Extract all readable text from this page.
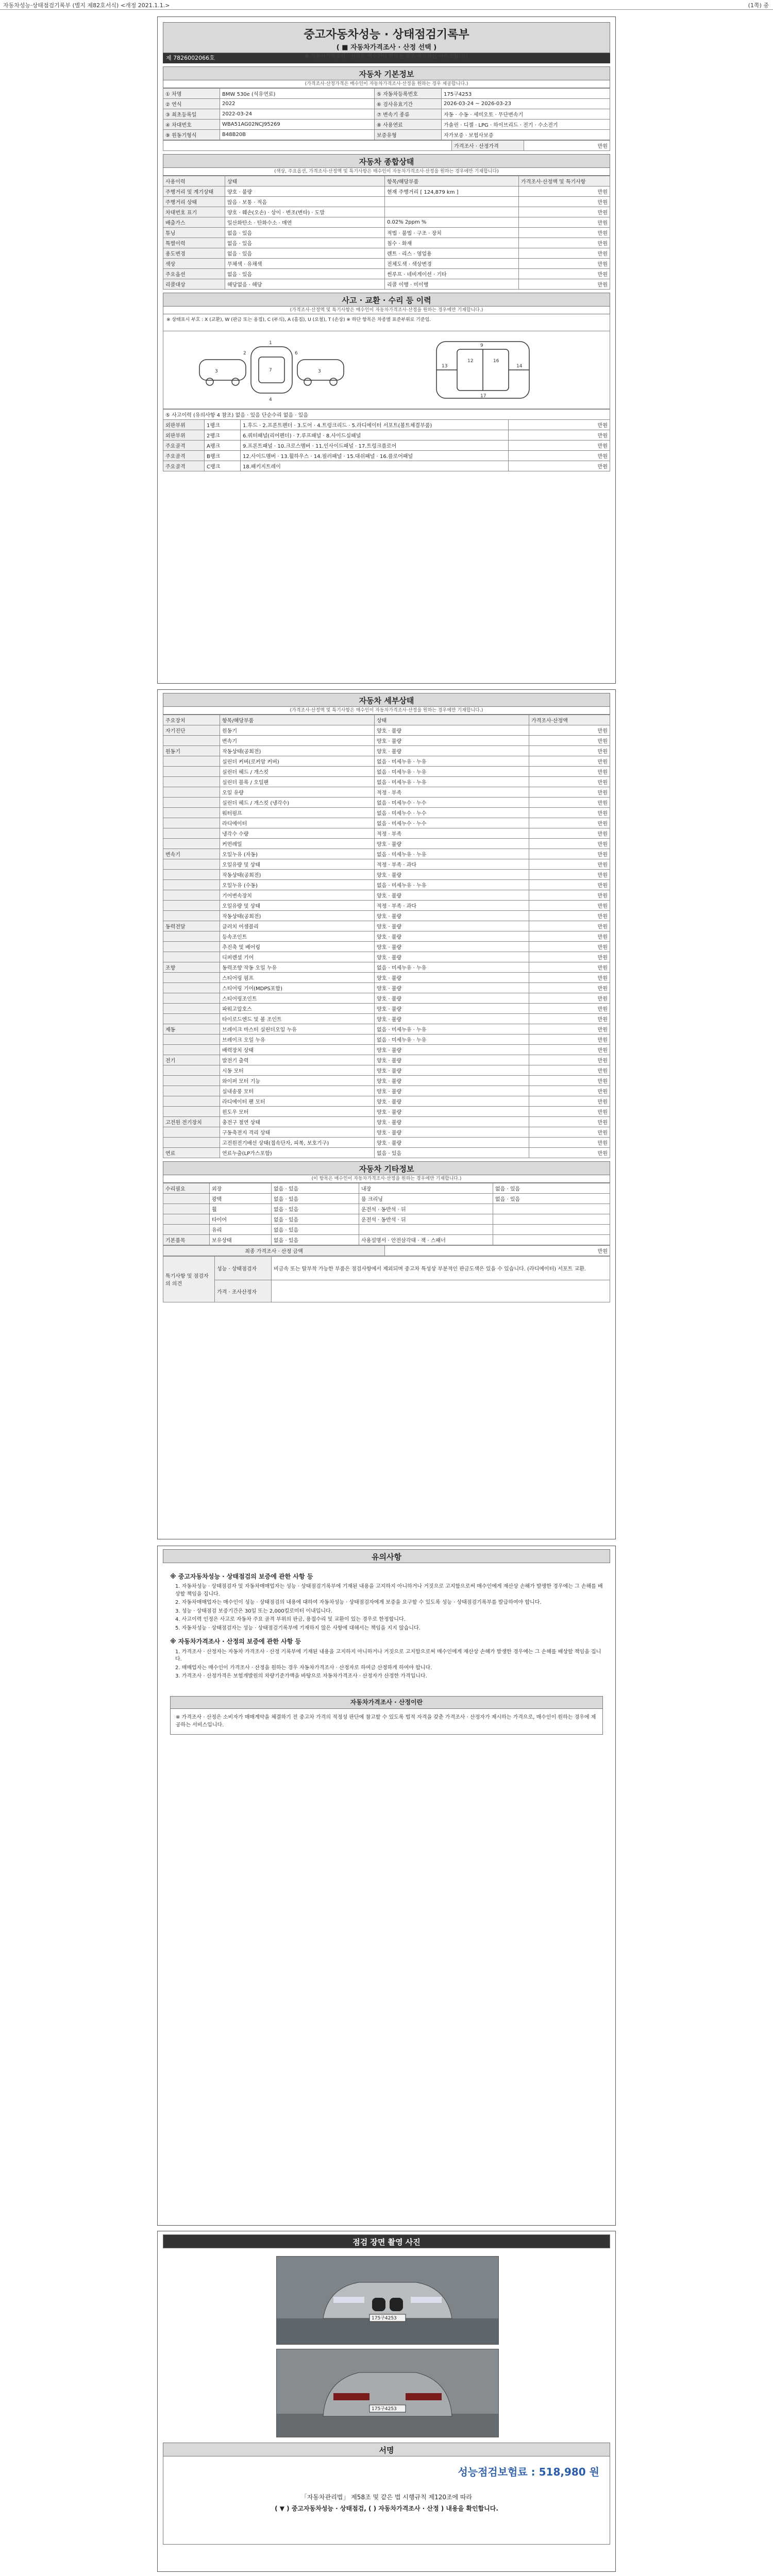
자동차성능·상태점검기록부 (별지 제82호서식) <개정 2021.1.1.>	(1쪽) 중
중고자동차성능 · 상태점검기록부
( ■ 자동차가격조사 · 산정 선택 )
※ 자동차가격조사 · 산정은 매수인이 원하는 경우 제공하는 서비스입니다
제 7826002066호
자동차 기본정보
(가격조사·산정가격은 매수인이 자동차가격조사·산정을 원하는 경우 제공합니다.)
① 차명	BMW 530e (석유연료)	⑤ 자동차등록번호	175구4253
② 연식	2022	⑥ 검사유효기간	2026-03-24 ~ 2026-03-23
③ 최초등록일	2022-03-24	⑦ 변속기 종류	자동 · 수동 · 세미오토 · 무단변속기
④ 차대번호	WBA51AG02NCJ95269	⑧ 사용연료	가솔린 · 디젤 · LPG · 하이브리드 · 전기 · 수소전기
⑨ 원동기형식	B48B20B	보증유형	자가보증 · 보험사보증
	가격조사 · 산정가격	만원
자동차 종합상태
(색상, 주요옵션, 가격조사·산정액 및 특기사항은 매수인이 자동차가격조사·산정을 원하는 경우에만 기재합니다)
사용이력	상태	항목/해당부품	가격조사·산정액 및 특기사항
주행거리 및 계기상태	양호 · 불량	현재 주행거리 [ 124,879 km ]	만원
주행거리 상태	많음 · 보통 · 적음		만원
차대번호 표기	양호 · 훼손(오손) · 상이 · 변조(변타) · 도말		만원
배출가스	일산화탄소 · 탄화수소 · 매연	0.02% 2ppm %	만원
튜닝	없음 · 있음	적법 · 불법 · 구조 · 장치	만원
특별이력	없음 · 있음	침수 · 화재	만원
용도변경	없음 · 있음	렌트 · 리스 · 영업용	만원
색상	무채색 · 유채색	전체도색 · 색상변경	만원
주요옵션	없음 · 있음	썬루프 · 네비게이션 · 기타	만원
리콜대상	해당없음 · 해당	리콜 이행 · 미이행	만원
사고 · 교환 · 수리 등 이력
(가격조사·산정액 및 특기사항은 매수인이 자동차가격조사·산정을 원하는 경우에만 기재합니다.)
※ 상태표시 부호 : X (교환), W (판금 또는 용접), C (부식), A (흠집), U (요철), T (손상) ※ 하단 항목은 차종별 표준부위로 기준임.
1
4
3	3
7
2	6
9
12	16
13	14
17
⑤ 사고이력 (유의사항 4 참조) 없음 · 있음 단순수리 없음 · 있음			
외판부위	1랭크	1.후드 · 2.프론트펜더 · 3.도어 · 4.트렁크리드 · 5.라디에이터 서포트(볼트체결부품)	만원
외판부위	2랭크	6.쿼터패널(리어펜더) · 7.루프패널 · 8.사이드실패널	만원
주요골격	A랭크	9.프론트패널 · 10.크로스멤버 · 11.인사이드패널 · 17.트렁크플로어	만원
주요골격	B랭크	12.사이드멤버 · 13.휠하우스 · 14.필러패널 · 15.대쉬패널 · 16.플로어패널	만원
주요골격	C랭크	18.패키지트레이	만원
자동차 세부상태
(가격조사·산정액 및 특기사항은 매수인이 자동차가격조사·산정을 원하는 경우에만 기재합니다.)
주요장치	항목/해당부품	상태	가격조사·산정액
자기진단	원동기	양호 · 불량	만원
	변속기	양호 · 불량	만원
원동기	작동상태(공회전)	양호 · 불량	만원
	실린더 커버(로커암 커버)	없음 · 미세누유 · 누유	만원
	실린더 헤드 / 개스킷	없음 · 미세누유 · 누유	만원
	실린더 블록 / 오일팬	없음 · 미세누유 · 누유	만원
	오일 유량	적정 · 부족	만원
	실린더 헤드 / 개스킷 (냉각수)	없음 · 미세누수 · 누수	만원
	워터펌프	없음 · 미세누수 · 누수	만원
	라디에이터	없음 · 미세누수 · 누수	만원
	냉각수 수량	적정 · 부족	만원
	커먼레일	양호 · 불량	만원
변속기	오일누유 (자동)	없음 · 미세누유 · 누유	만원
	오일유량 및 상태	적정 · 부족 · 과다	만원
	작동상태(공회전)	양호 · 불량	만원
	오일누유 (수동)	없음 · 미세누유 · 누유	만원
	기어변속장치	양호 · 불량	만원
	오일유량 및 상태	적정 · 부족 · 과다	만원
	작동상태(공회전)	양호 · 불량	만원
동력전달	클러치 어셈블리	양호 · 불량	만원
	등속조인트	양호 · 불량	만원
	추진축 및 베어링	양호 · 불량	만원
	디퍼렌셜 기어	양호 · 불량	만원
조향	동력조향 작동 오일 누유	없음 · 미세누유 · 누유	만원
	스티어링 펌프	양호 · 불량	만원
	스티어링 기어(MDPS포함)	양호 · 불량	만원
	스티어링조인트	양호 · 불량	만원
	파워고압호스	양호 · 불량	만원
	타이로드엔드 및 볼 조인트	양호 · 불량	만원
제동	브레이크 마스터 실린더오일 누유	없음 · 미세누유 · 누유	만원
	브레이크 오일 누유	없음 · 미세누유 · 누유	만원
	배력장치 상태	양호 · 불량	만원
전기	발전기 출력	양호 · 불량	만원
	시동 모터	양호 · 불량	만원
	와이퍼 모터 기능	양호 · 불량	만원
	실내송풍 모터	양호 · 불량	만원
	라디에이터 팬 모터	양호 · 불량	만원
	윈도우 모터	양호 · 불량	만원
고전원 전기장치	충전구 절연 상태	양호 · 불량	만원
	구동축전지 격리 상태	양호 · 불량	만원
	고전원전기배선 상태(접속단자, 피복, 보호기구)	양호 · 불량	만원
연료	연료누출(LP가스포함)	없음 · 있음	만원
자동차 기타정보
(이 항목은 매수인이 자동차가격조사·산정을 원하는 경우에만 기재합니다.)
수리필요	외장	없음 · 있음	내장	없음 · 있음
	광택	없음 · 있음	룸 크리닝	없음 · 있음
	휠	없음 · 있음	운전석 · 동반석 · 뒤	
	타이어	없음 · 있음	운전석 · 동반석 · 뒤	
	유리	없음 · 있음		
기본품목	보유상태	없음 · 있음	사용설명서 · 안전삼각대 · 잭 · 스패너	
최종 가격조사 · 산정 금액	만원
특기사항 및 점검자의 의견	성능 · 상태점검자	비금속 또는 탈부착 가능한 부품은 점검사항에서 제외되며 중고차 특성상 부분적인 판금도색은 있을 수 있습니다. (라디에이터) 서포트 교환.
	가격 · 조사산정자	
유의사항
※ 중고자동차성능 · 상태점검의 보증에 관한 사항 등

1. 자동차성능 · 상태점검자 및 자동차매매업자는 성능 · 상태점검기록부에 기재된 내용을 고지하지 아니하거나 거짓으로 고지함으로써 매수인에게 재산상 손해가 발생한 경우에는 그 손해를 배상할 책임을 집니다.

2. 자동차매매업자는 매수인이 성능 · 상태점검의 내용에 대하여 자동차성능 · 상태점검자에게 보증을 요구할 수 있도록 성능 · 상태점검기록부를 발급하여야 합니다.

3. 성능 · 상태점검 보증기간은 30일 또는 2,000킬로미터 이내입니다.

4. 사고이력 인정은 사고로 자동차 주요 골격 부위의 판금, 용접수리 및 교환이 있는 경우로 한정합니다.

5. 자동차성능 · 상태점검자는 성능 · 상태점검기록부에 기재하지 않은 사항에 대해서는 책임을 지지 않습니다.

※ 자동차가격조사 · 산정의 보증에 관한 사항 등

1. 가격조사 · 산정자는 자동차 가격조사 · 산정 기록부에 기재된 내용을 고지하지 아니하거나 거짓으로 고지함으로써 매수인에게 재산상 손해가 발생한 경우에는 그 손해를 배상할 책임을 집니다.

2. 매매업자는 매수인이 가격조사 · 산정을 원하는 경우 자동차가격조사 · 산정자로 하여금 산정하게 하여야 합니다.

3. 가격조사 · 산정가격은 보험개발원의 차량기준가액을 바탕으로 자동차가격조사 · 산정자가 산정한 가격입니다.

자동차가격조사 · 산정이란
※ 가격조사 · 산정은 소비자가 매매계약을 체결하기 전 중고차 가격의 적정성 판단에 참고할 수 있도록 법적 자격을 갖춘 가격조사 · 산정자가 제시하는 가격으로, 매수인이 원하는 경우에 제공하는 서비스입니다.
점검 장면 촬영 사진
175구4253
175구4253
서명
성능점검보험료 : 518,980 원
「자동차관리법」 제58조 및 같은 법 시행규칙 제120조에 따라
( ▼ ) 중고자동차성능 · 상태점검, ( ) 자동차가격조사 · 산정 ) 내용을 확인합니다.
